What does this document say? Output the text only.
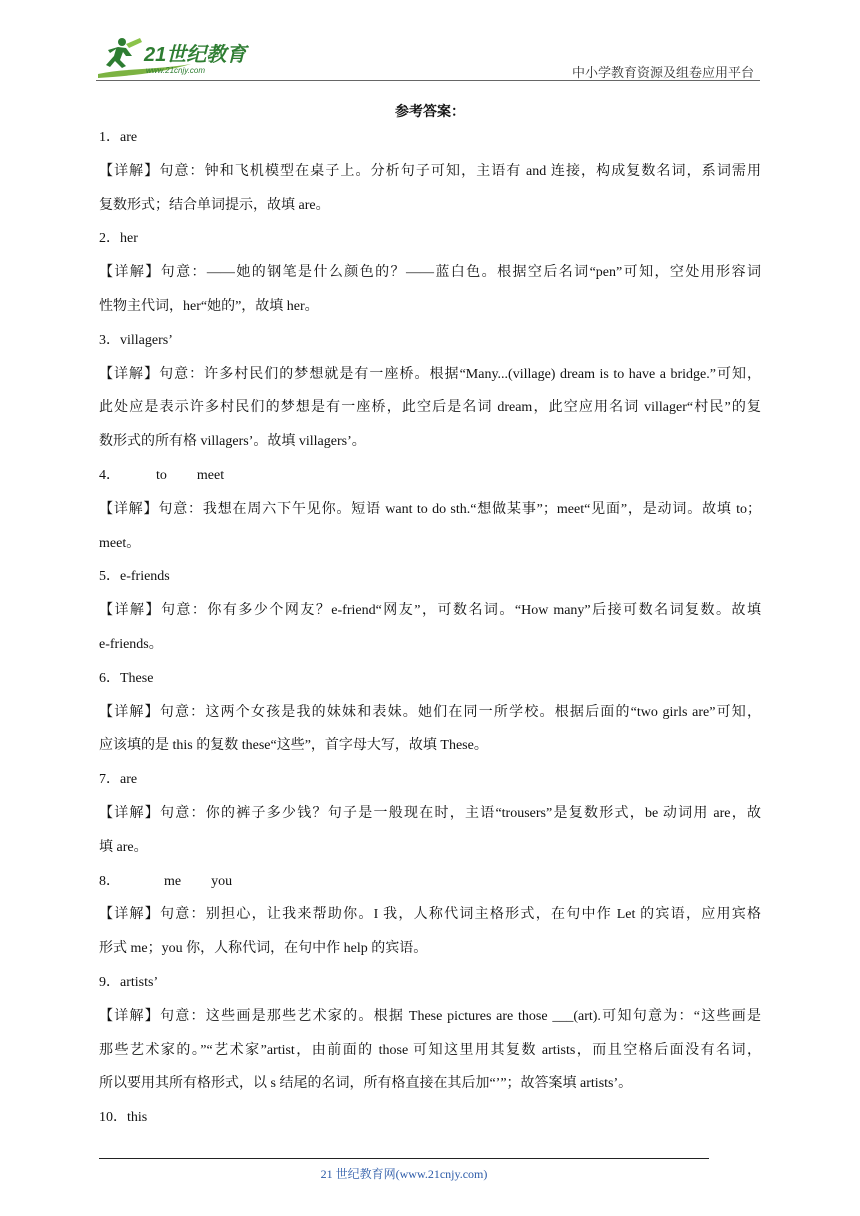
21世纪教育
www.21cnjy.com	中小学教育资源及组卷应用平台
参考答案：
1．are
【详解】句意：钟和飞机模型在桌子上。分析句子可知，主语有 and 连接，构成复数名词，系词需用
复数形式；结合单词提示，故填 are。
2．her
【详解】句意：——她的钢笔是什么颜色的？——蓝白色。根据空后名词“pen”可知，空处用形容词
性物主代词，her“她的”，故填 her。
3．villagers’
【详解】句意：许多村民们的梦想就是有一座桥。根据“Many...(village) dream is to have a bridge.”可知，
此处应是表示许多村民们的梦想是有一座桥，此空后是名词 dream，此空应用名词 villager“村民”的复
数形式的所有格 villagers’。故填 villagers’。
4．	to meet
【详解】句意：我想在周六下午见你。短语 want to do sth.“想做某事”；meet“见面”，是动词。故填 to；
meet。
5．e-friends
【详解】句意：你有多少个网友？e-friend“网友”，可数名词。“How many”后接可数名词复数。故填
e-friends。
6．These
【详解】句意：这两个女孩是我的妹妹和表妹。她们在同一所学校。根据后面的“two girls are”可知，
应该填的是 this 的复数 these“这些”，首字母大写，故填 These。
7．are
【详解】句意：你的裤子多少钱？句子是一般现在时，主语“trousers”是复数形式，be 动词用 are，故
填 are。
8．	me you
【详解】句意：别担心，让我来帮助你。I 我，人称代词主格形式，在句中作 Let 的宾语，应用宾格
形式 me；you 你，人称代词，在句中作 help 的宾语。
9．artists’
【详解】句意：这些画是那些艺术家的。根据 These pictures are those ___(art).可知句意为：“这些画是
那些艺术家的。”“艺术家”artist，由前面的 those 可知这里用其复数 artists，而且空格后面没有名词，
所以要用其所有格形式，以 s 结尾的名词，所有格直接在其后加“’”；故答案填 artists’。
10．this
21 世纪教育网(www.21cnjy.com)
